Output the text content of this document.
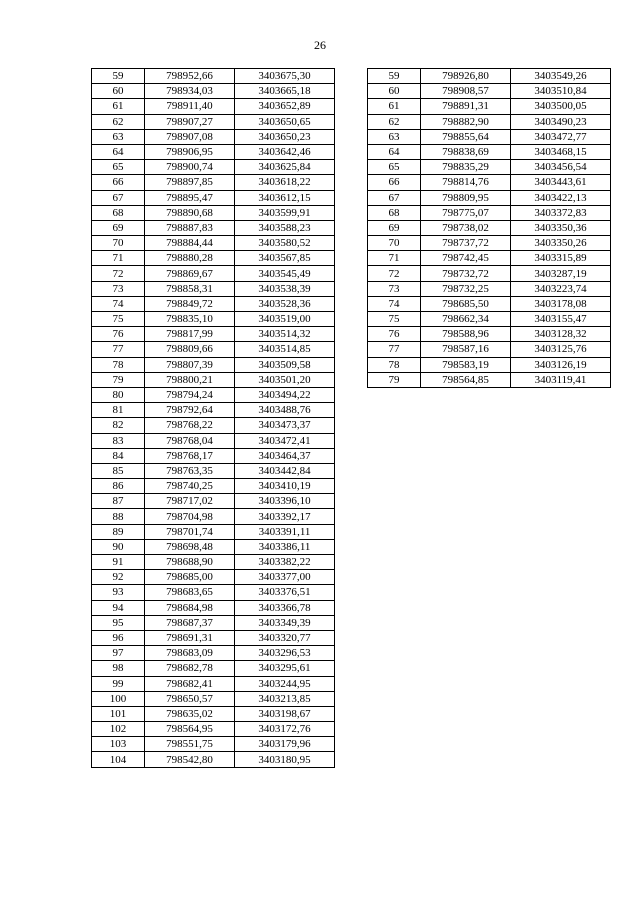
26
59	798952,66	3403675,30
60	798934,03	3403665,18
61	798911,40	3403652,89
62	798907,27	3403650,65
63	798907,08	3403650,23
64	798906,95	3403642,46
65	798900,74	3403625,84
66	798897,85	3403618,22
67	798895,47	3403612,15
68	798890,68	3403599,91
69	798887,83	3403588,23
70	798884,44	3403580,52
71	798880,28	3403567,85
72	798869,67	3403545,49
73	798858,31	3403538,39
74	798849,72	3403528,36
75	798835,10	3403519,00
76	798817,99	3403514,32
77	798809,66	3403514,85
78	798807,39	3403509,58
79	798800,21	3403501,20
80	798794,24	3403494,22
81	798792,64	3403488,76
82	798768,22	3403473,37
83	798768,04	3403472,41
84	798768,17	3403464,37
85	798763,35	3403442,84
86	798740,25	3403410,19
87	798717,02	3403396,10
88	798704,98	3403392,17
89	798701,74	3403391,11
90	798698,48	3403386,11
91	798688,90	3403382,22
92	798685,00	3403377,00
93	798683,65	3403376,51
94	798684,98	3403366,78
95	798687,37	3403349,39
96	798691,31	3403320,77
97	798683,09	3403296,53
98	798682,78	3403295,61
99	798682,41	3403244,95
100	798650,57	3403213,85
101	798635,02	3403198,67
102	798564,95	3403172,76
103	798551,75	3403179,96
104	798542,80	3403180,95
59	798926,80	3403549,26
60	798908,57	3403510,84
61	798891,31	3403500,05
62	798882,90	3403490,23
63	798855,64	3403472,77
64	798838,69	3403468,15
65	798835,29	3403456,54
66	798814,76	3403443,61
67	798809,95	3403422,13
68	798775,07	3403372,83
69	798738,02	3403350,36
70	798737,72	3403350,26
71	798742,45	3403315,89
72	798732,72	3403287,19
73	798732,25	3403223,74
74	798685,50	3403178,08
75	798662,34	3403155,47
76	798588,96	3403128,32
77	798587,16	3403125,76
78	798583,19	3403126,19
79	798564,85	3403119,41
